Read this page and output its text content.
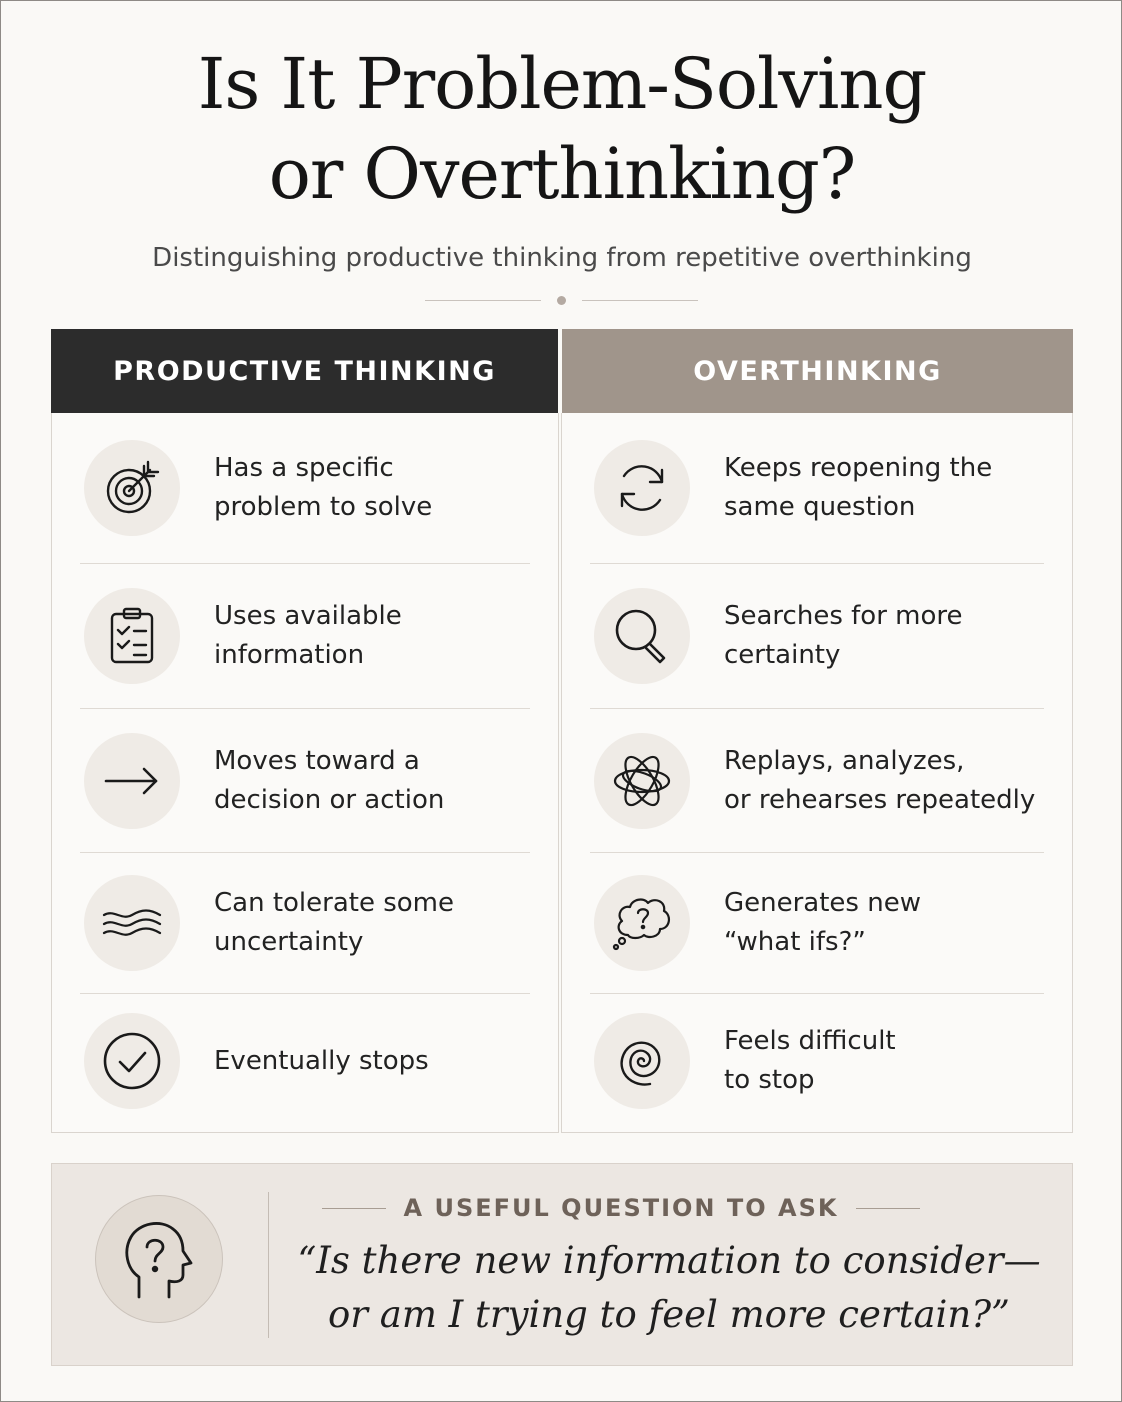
Is It Problem-Solving
or Overthinking?
Distinguishing productive thinking from repetitive overthinking
PRODUCTIVE THINKING	OVERTHINKING
Has a specific
problem to solve
Uses available
information
Moves toward a
decision or action
Can tolerate some
uncertainty
Eventually stops
Keeps reopening the
same question
Searches for more
certainty
Replays, analyzes,
or rehearses repeatedly
Generates new
“what ifs?”
Feels difficult
to stop
A USEFUL QUESTION TO ASK
“Is there new information to consider—
or am I trying to feel more certain?”
